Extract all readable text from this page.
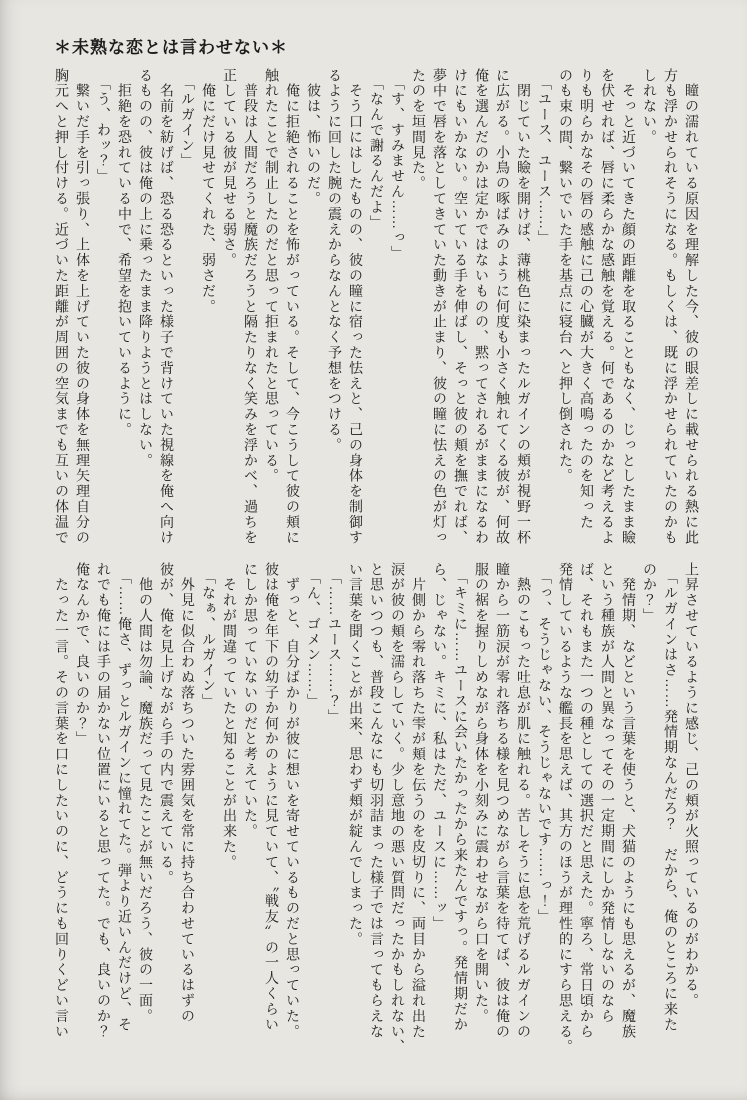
＊未熟な恋とは言わせない＊

　瞳の濡れている原因を理解した今、彼の眼差しに載せられる熱に此

方も浮かせられそうになる。もしくは、既に浮かせられていたのかも

しれない。

　そっと近づいてきた顔の距離を取ることもなく、じっとしたまま瞼

を伏せれば、唇に柔らかな感触を覚える。何であるのかなど考えるよ

りも明らかなその唇の感触に己の心臓が大きく高鳴ったのを知った

のも束の間、繋いでいた手を基点に寝台へと押し倒された。

　「ユース、ユース……」

　閉じていた瞼を開けば、薄桃色に染まったルガインの頬が視野一杯

に広がる。小鳥の啄ばみのように何度も小さく触れてくる彼が、何故

俺を選んだのかは定かではないものの、黙ってされるがままになるわ

けにもいかない。空いている手を伸ばし、そっと彼の頬を撫でれば、

夢中で唇を落としてきていた動きが止まり、彼の瞳に怯えの色が灯っ

たのを垣間見た。

　「す、すみません……っ」

　「なんで謝るんだよ」

　そう口にはしたものの、彼の瞳に宿った怯えと、己の身体を制御す

るように回した腕の震えからなんとなく予想をつける。

　彼は、怖いのだ。

　俺に拒絶されることを怖がっている。そして、今こうして彼の頬に

触れたことで制止したのだと思って拒まれたと思っている。

　普段は人間だろうと魔族だろうと隔たりなく笑みを浮かべ、過ちを

正している彼が見せる弱さ。

　俺にだけ見せてくれた、弱さだ。

　「ルガイン」

　名前を紡げば、恐る恐るといった様子で背けていた視線を俺へ向け

るものの、彼は俺の上に乗ったまま降りようとはしない。

　拒絶を恐れている中で、希望を抱いているように。

　「う、わッ？」

　繋いだ手を引っ張り、上体を上げていた彼の身体を無理矢理自分の

胸元へと押し付ける。近づいた距離が周囲の空気までも互いの体温で

上昇させているように感じ、己の頬が火照っているのがわかる。

　「ルガインはさ……発情期なんだろ？　だから、俺のところに来た

のか？」

　発情期、などという言葉を使うと、犬猫のようにも思えるが、魔族

という種族が人間と異なってその一定期間にしか発情しないのなら

ば、それもまた一つの種としての選択だと思えた。寧ろ、常日頃から

発情しているような艦長を思えば、其方のほうが理性的にすら思える。

　「っ、そうじゃない、そうじゃないです……っ！」

　熱のこもった吐息が肌に触れる。苦しそうに息を荒げるルガインの

瞳から一筋涙が零れ落ちる様を見つめながら言葉を待てば、彼は俺の

服の裾を握りしめながら身体を小刻みに震わせながら口を開いた。

　「キミに……ユースに会いたかったから来たんですっ。発情期だか

ら、じゃない。キミに、私はただ、ユースに……ッ」

　片側から零れ落ちた雫が頬を伝うのを皮切りに、両目から溢れ出た

涙が彼の頬を濡らしていく。少し意地の悪い質問だったかもしれない、

と思いつつも、普段こんなにも切羽詰まった様子では言ってもらえな

い言葉を聞くことが出来、思わず頬が綻んでしまった。

　「……ユース……？」

　「ん、ゴメン……」

　ずっと、自分ばかりが彼に想いを寄せているものだと思っていた。

彼は俺を年下の幼子か何かのように見ていて、〝戦友〟の一人くらい

にしか思っていないのだと考えていた。

　それが間違っていたと知ることが出来た。

　「なぁ、ルガイン」

　外見に似合わぬ落ちついた雰囲気を常に持ち合わせているはずの

彼が、俺を見上げながら手の内で震えている。

　他の人間は勿論、魔族だって見たことが無いだろう、彼の一面。

　「……俺さ、ずっとルガインに憧れてた。弾より近いんだけど、そ

れでも俺には手の届かない位置にいると思ってた。でも、良いのか？

俺なんかで、良いのか？」

　たった一言。その言葉を口にしたいのに、どうにも回りくどい言い
